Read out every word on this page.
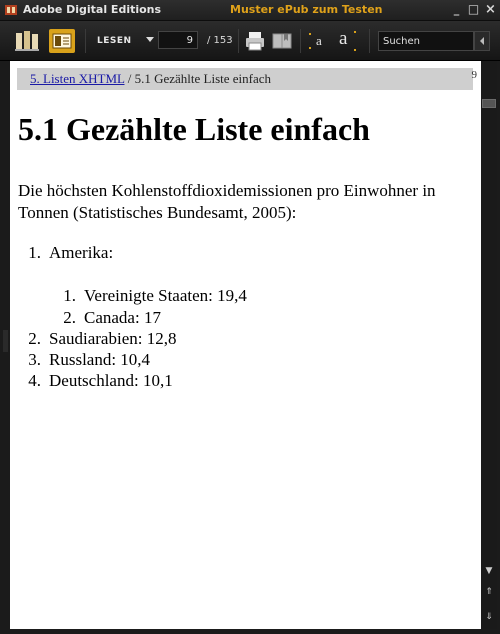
Adobe Digital Editions	Muster ePub zum Testen	_ □ ×
LESEN	9	/ 153	a a	Suchen
5. Listen XHTML / 5.1 Gezählte Liste einfach	9
5.1 Gezählte Liste einfach

Die höchsten Kohlenstoffdioxidemissionen pro Einwohner in Tonnen (Statistisches Bundesamt, 2005):

1. Amerika:
1. Vereinigte Staaten: 19,4
2. Canada: 17
2. Saudiarabien: 12,8
3. Russland: 10,4
4. Deutschland: 10,1
▼
⇑
⇓
